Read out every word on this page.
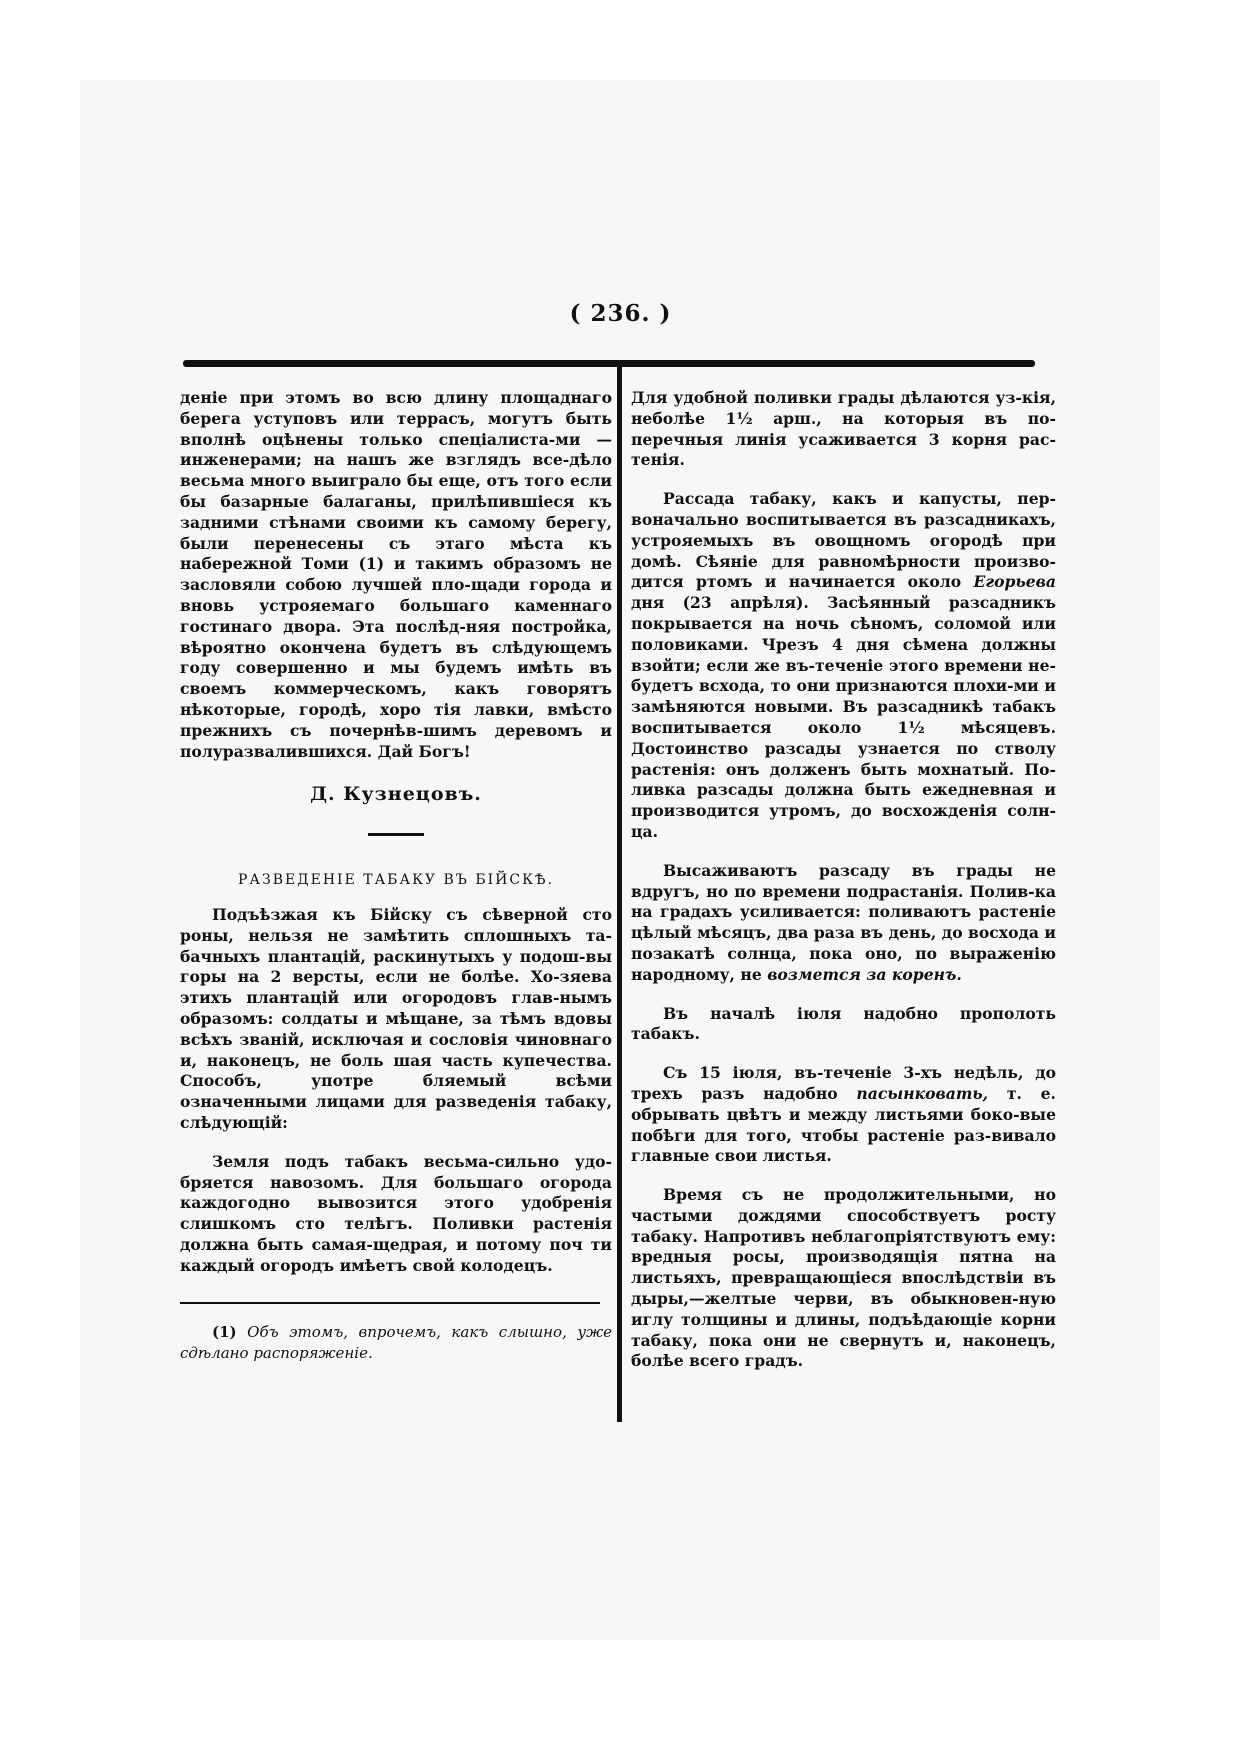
( 236. )

деніе при этомъ во всю длину площаднаго берега уступовъ или террасъ, могутъ быть вполнѣ оцѣнены только спеціалиста-ми — инженерами; на нашъ же взглядъ все-дѣло весьма много выиграло бы еще, отъ того если бы базарные балаганы, прилѣпившіеся къ задними стѣнами своими къ самому берегу, были перенесены съ этаго мѣста къ набережной Томи (1) и такимъ образомъ не засловяли собою лучшей пло-щади города и вновь устрояемаго большаго каменнаго гостинаго двора. Эта послѣд-няя постройка, вѣроятно окончена будетъ въ слѣдующемъ году совершенно и мы будемъ имѣть въ своемъ коммерческомъ, какъ говорятъ нѣкоторые, городѣ, хоро тія лавки, вмѣсто прежнихъ съ почернѣв-шимъ деревомъ и полуразвалившихся. Дай Богъ!

Д. Кузнецовъ.

РАЗВЕДЕНІЕ ТАБАКУ ВЪ БІЙСКѢ.

Подъѣзжая къ Бійску съ сѣверной сто роны, нельзя не замѣтить сплошныхъ та-бачныхъ плантацій, раскинутыхъ у подош-вы горы на 2 версты, если не болѣе. Хо-зяева этихъ плантацій или огородовъ глав-нымъ образомъ: солдаты и мѣщане, за тѣмъ вдовы всѣхъ званій, исключая и сословія чиновнаго и, наконецъ, не боль шая часть купечества. Способъ, употре бляемый всѣми означенными лицами для разведенія табаку, слѣдующій:

Земля подъ табакъ весьма-сильно удо-бряется навозомъ. Для большаго огорода каждогодно вывозится этого удобренія слишкомъ сто телѣгъ. Поливки растенія должна быть самая-щедрая, и потому поч ти каждый огородъ имѣетъ свой колодецъ.

(1) Объ этомъ, впрочемъ, какъ слышно, уже сдѣлано распоряженіе.

Для удобной поливки грады дѣлаются уз-кія, неболѣе 1½ арш., на которыя въ по-перечныя линія усаживается 3 корня рас-тенія.

Рассада табаку, какъ и капусты, пер-воначально воспитывается въ разсадникахъ, устрояемыхъ въ овощномъ огородѣ при домѣ. Сѣяніе для равномѣрности произво-дится ртомъ и начинается около Егорьева дня (23 апрѣля). Засѣянный разсадникъ покрывается на ночь сѣномъ, соломой или половиками. Чрезъ 4 дня сѣмена должны взойти; если же въ-теченіе этого времени не-будетъ всхода, то они признаются плохи-ми и замѣняются новыми. Въ разсадникѣ табакъ воспитывается около 1½ мѣсяцевъ. Достоинство разсады узнается по стволу растенія: онъ долженъ быть мохнатый. По-ливка разсады должна быть ежедневная и производится утромъ, до восхожденія солн-ца.

Высаживаютъ разсаду въ грады не вдругъ, но по времени подрастанія. Полив-ка на градахъ усиливается: поливаютъ растеніе цѣлый мѣсяцъ, два раза въ день, до восхода и позакатѣ солнца, пока оно, по выраженію народному, не возметcя за коренъ.

Въ началѣ іюля надобно прополоть табакъ.

Съ 15 іюля, въ-теченіе 3-хъ недѣль, до трехъ разъ надобно пасынковать, т. е. обрывать цвѣтъ и между листьями боко-вые побѣги для того, чтобы растеніе раз-вивало главные свои листья.

Время съ не продолжительными, но частыми дождями способствуетъ росту табаку. Напротивъ неблагопріятствуютъ ему: вредныя росы, производящія пятна на листьяхъ, превращающіеся впослѣдствіи въ дыры,—желтые черви, въ обыкновен-ную иглу толщины и длины, подъѣдающіе корни табаку, пока они не свернутъ и, наконецъ, болѣе всего градъ.
